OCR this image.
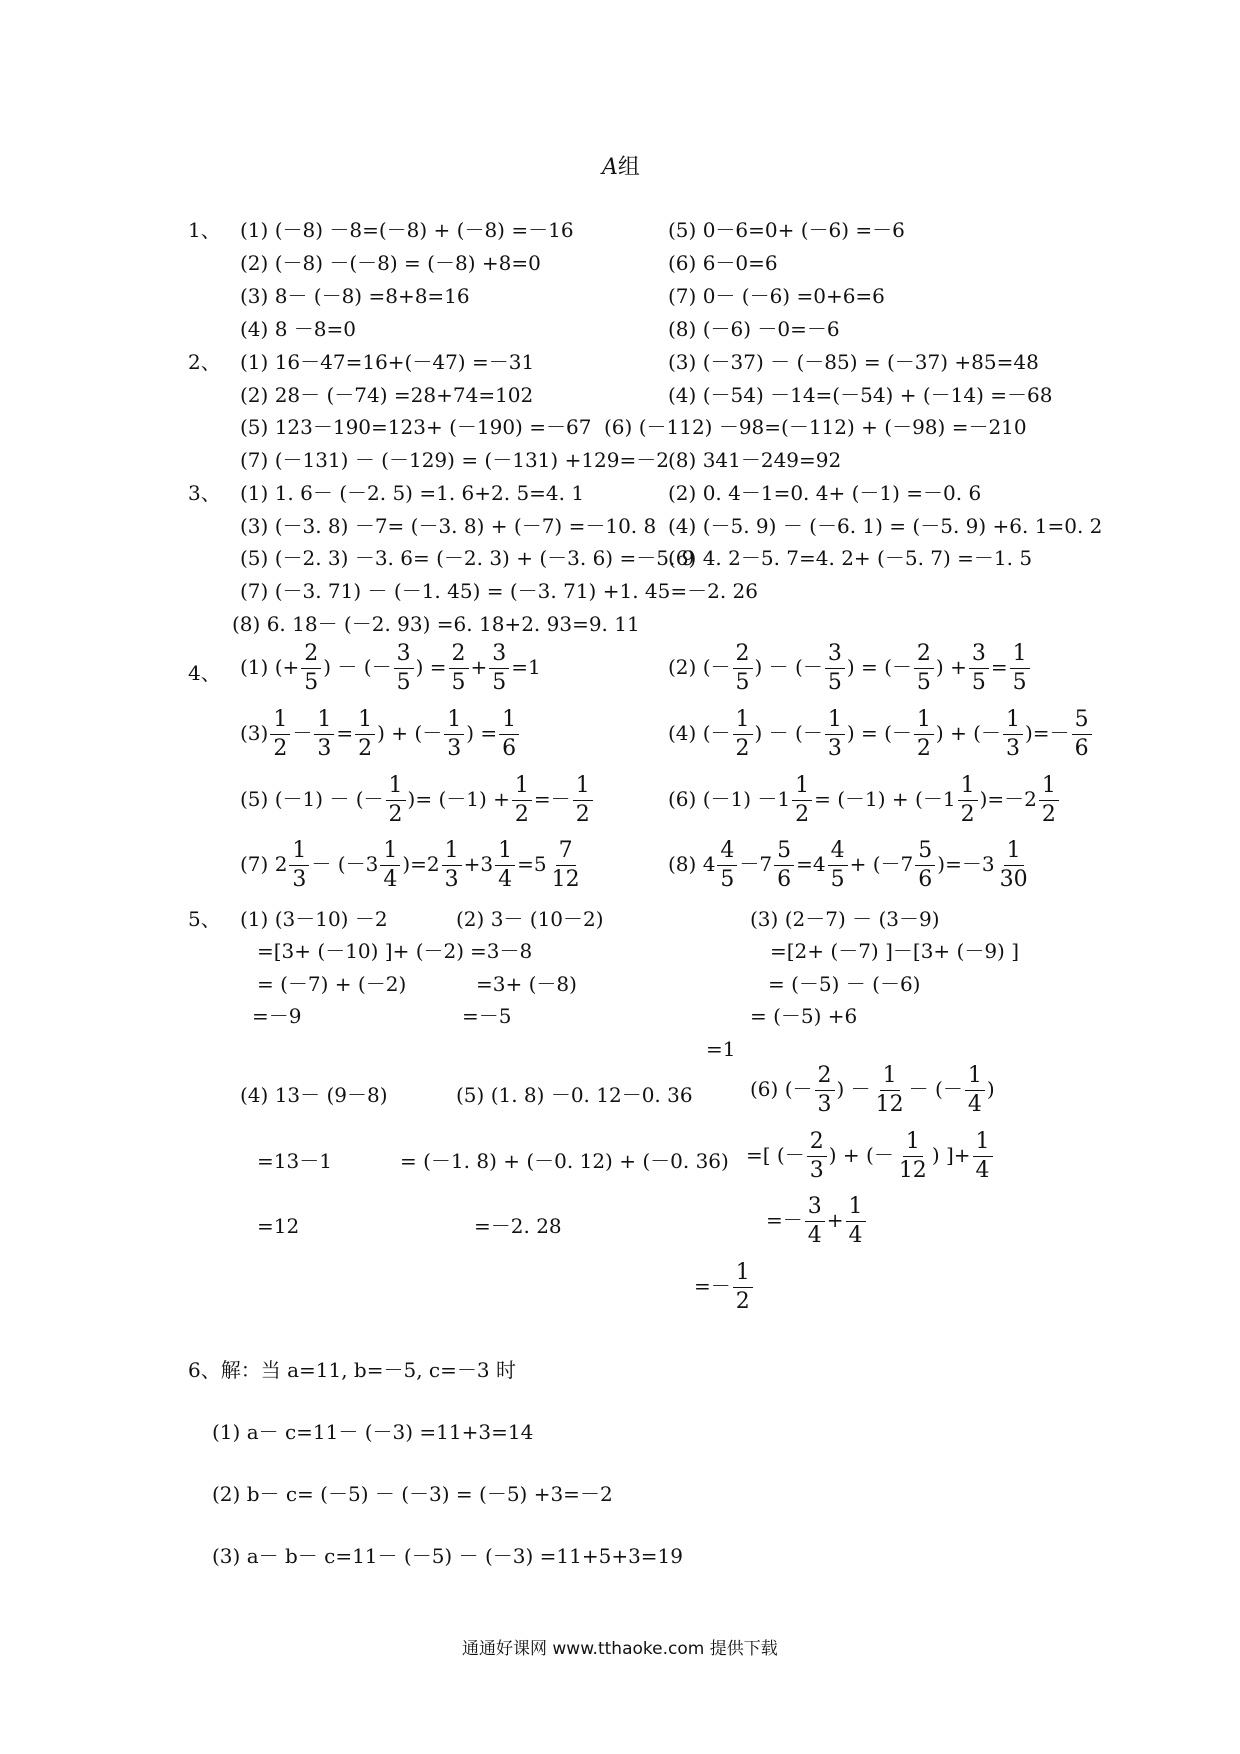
A组
1、 (1) (－8) －8=(－8) + (－8) =－16
(2) (－8) －(－8) = (－8) +8=0
(3) 8－ (－8) =8+8=16
(4) 8 －8=0
(5) 0－6=0+ (－6) =－6
(6) 6－0=6
(7) 0－ (－6) =0+6=6
(8) (－6) －0=－6
2、 (1) 16－47=16+(－47) =－31
(2) 28－ (－74) =28+74=102
(3) (－37) － (－85) = (－37) +85=48
(4) (－54) －14=(－54) + (－14) =－68
(5) 123－190=123+ (－190) =－67 (6) (－112) －98=(－112) + (－98) =－210
(7) (－131) － (－129) = (－131) +129=－2 (8) 341－249=92
3、 (1) 1. 6－ (－2. 5) =1. 6+2. 5=4. 1	(2) 0. 4－1=0. 4+ (－1) =－0. 6
(3) (－3. 8) －7= (－3. 8) + (－7) =－10. 8 (4) (－5. 9) － (－6. 1) = (－5. 9) +6. 1=0. 2
(5) (－2. 3) －3. 6= (－2. 3) + (－3. 6) =－5. 9
(6) 4. 2－5. 7=4. 2+ (－5. 7) =－1. 5
(7) (－3. 71) － (－1. 45) = (－3. 71) +1. 45=－2. 26
(8) 6. 18－ (－2. 93) =6. 18+2. 93=9. 11
4、 (1) (+ $\frac{2}{5}$ ) － (－ $\frac{3}{5}$ ) = $\frac{2}{5} + \frac{3}{5} =1$	(2) (－ $\frac{2}{5}$ ) － (－ $\frac{3}{5}$ ) = (－ $\frac{2}{5}$ ) + $\frac{3}{5} = \frac{1}{5}$
$(3) \frac{1}{2} - \frac{1}{3} = \frac{1}{2}$ ) + (－ $\frac{1}{3}$ ) = $\frac{1}{6}$	(4) (－ $\frac{1}{2}$ ) － (－ $\frac{1}{3}$ ) = (－ $\frac{1}{2}$ ) + (－ $\frac{1}{3}$ )=－ $\frac{5}{6}$
(5) (－1) － (－ $\frac{1}{2}$ )= $(-1) + \frac{1}{2} =- \frac{1}{2}$	(6) $(-1) -1 \frac{1}{2} = (-1) + (-1 \frac{1}{2} )=-2 \frac{1}{2}$
(7) $2 \frac{1}{3} - (-3 \frac{1}{4} )=2 \frac{1}{3} +3 \frac{1}{4} =5 \frac{7}{12}$	(8) $4 \frac{4}{5} -7 \frac{5}{6} =4 \frac{4}{5} + (-7 \frac{5}{6} )=-3 \frac{1}{30}$
5、 (1) (3－10) －2
=[3+ (－10) ]+ (－2)
= (－7) + (－2)
=－9
(2) 3－ (10－2)
=3－8
=3+ (－8)
=－5
(3) (2－7) － (3－9)
=[2+ (－7) ]－[3+ (－9) ]
= (－5) － (－6)
= (－5) +6
=1
(4) 13－ (9－8)
=13－1
=12
(5) (1. 8) －0. 12－0. 36
= (－1. 8) + (－0. 12) + (－0. 36)
=－2. 28
(6) (－ $\frac{2}{3}$ ) － $\frac{1}{12}$ － (－ $\frac{1}{4}$ )
=[ (－ $\frac{2}{3}$ ) + (－ $\frac{1}{12}$ ) ]+ $\frac{1}{4}$
=－ $\frac{3}{4} + \frac{1}{4}$
=－ $\frac{1}{2}$
6、解：当 a=11, b=－5, c=－3 时
(1) a－ c=11－ (－3) =11+3=14
(2) b－ c= (－5) － (－3) = (－5) +3=－2
(3) a－ b－ c=11－ (－5) － (－3) =11+5+3=19
通通好课网 www.tthaoke.com 提供下载
